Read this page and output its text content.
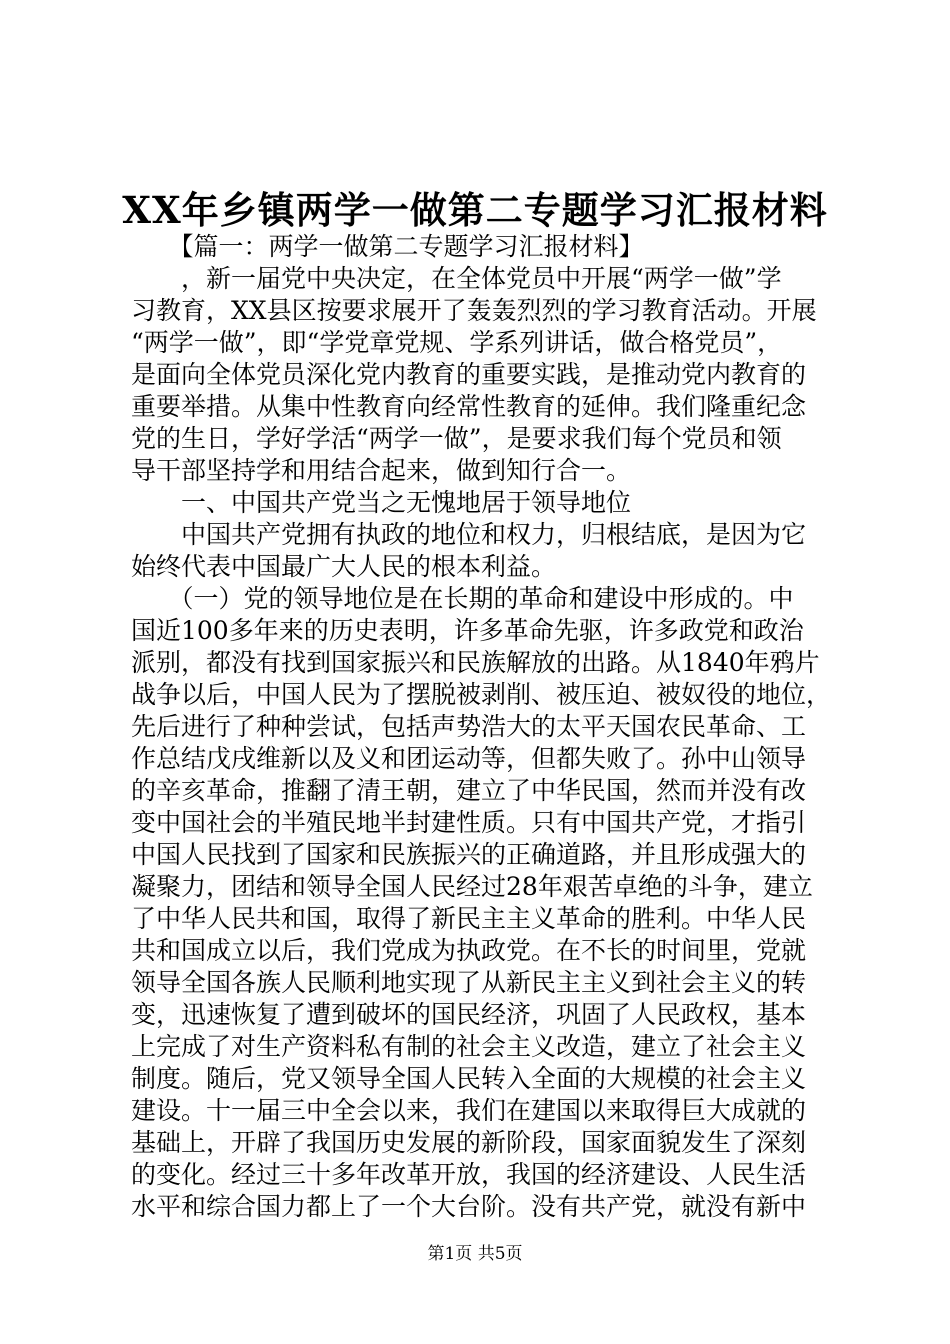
XX年乡镇两学一做第二专题学习汇报材料
　　【篇一：两学一做第二专题学习汇报材料】
　　，新一届党中央决定，在全体党员中开展“两学一做”学
习教育，XX县区按要求展开了轰轰烈烈的学习教育活动。开展
“两学一做”，即“学党章党规、学系列讲话，做合格党员”，
是面向全体党员深化党内教育的重要实践，是推动党内教育的
重要举措。从集中性教育向经常性教育的延伸。我们隆重纪念
党的生日，学好学活“两学一做”，是要求我们每个党员和领
导干部坚持学和用结合起来，做到知行合一。
　　一、中国共产党当之无愧地居于领导地位
　　中国共产党拥有执政的地位和权力，归根结底，是因为它
始终代表中国最广大人民的根本利益。
　　（一）党的领导地位是在长期的革命和建设中形成的。中
国近100多年来的历史表明，许多革命先驱，许多政党和政治
派别，都没有找到国家振兴和民族解放的出路。从1840年鸦片
战争以后，中国人民为了摆脱被剥削、被压迫、被奴役的地位，
先后进行了种种尝试，包括声势浩大的太平天国农民革命、工
作总结戊戌维新以及义和团运动等，但都失败了。孙中山领导
的辛亥革命，推翻了清王朝，建立了中华民国，然而并没有改
变中国社会的半殖民地半封建性质。只有中国共产党，才指引
中国人民找到了国家和民族振兴的正确道路，并且形成强大的
凝聚力，团结和领导全国人民经过28年艰苦卓绝的斗争，建立
了中华人民共和国，取得了新民主主义革命的胜利。中华人民
共和国成立以后，我们党成为执政党。在不长的时间里，党就
领导全国各族人民顺利地实现了从新民主主义到社会主义的转
变，迅速恢复了遭到破坏的国民经济，巩固了人民政权，基本
上完成了对生产资料私有制的社会主义改造，建立了社会主义
制度。随后，党又领导全国人民转入全面的大规模的社会主义
建设。十一届三中全会以来，我们在建国以来取得巨大成就的
基础上，开辟了我国历史发展的新阶段，国家面貌发生了深刻
的变化。经过三十多年改革开放，我国的经济建设、人民生活
水平和综合国力都上了一个大台阶。没有共产党，就没有新中
第1页 共5页
